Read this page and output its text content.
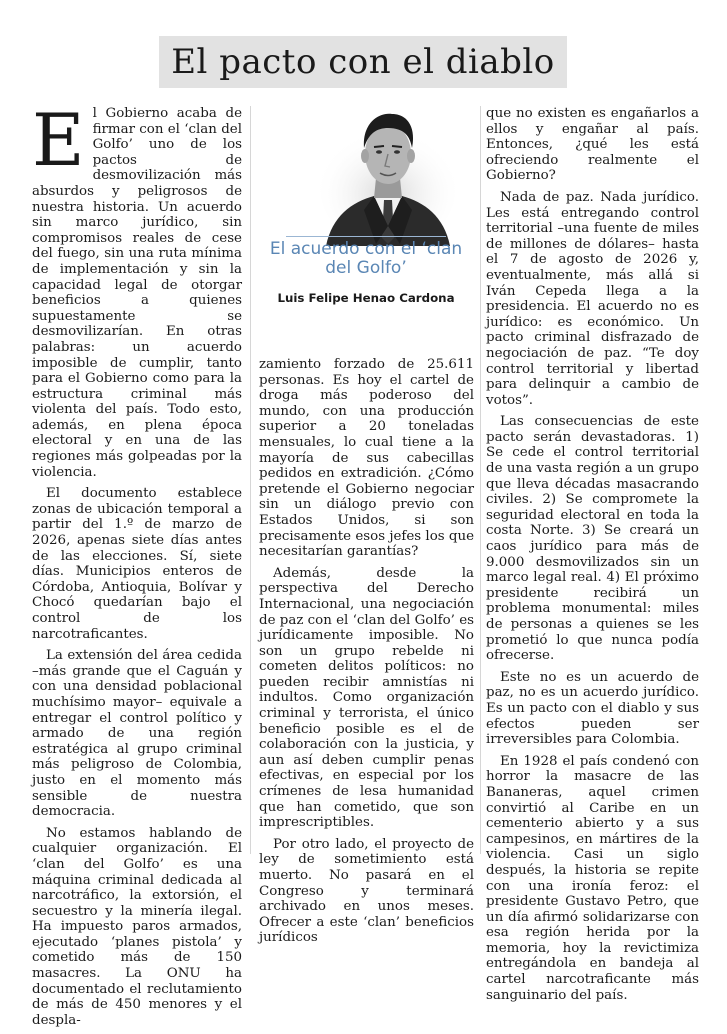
El pacto con el diablo

El Gobierno acaba de firmar con el ‘clan del Golfo’ uno de los pactos de desmovilización más absurdos y peligrosos de nuestra historia. Un acuerdo sin marco jurídico, sin compromisos reales de cese del fuego, sin una ruta mínima de implementación y sin la capacidad legal de otorgar beneficios a quienes supuestamente se desmovilizarían. En otras palabras: un acuerdo imposible de cumplir, tanto para el Gobierno como para la estructura criminal más violenta del país. Todo esto, además, en plena época electoral y en una de las regiones más golpeadas por la violencia.

El documento establece zonas de ubicación temporal a partir del 1.º de marzo de 2026, apenas siete días antes de las elecciones. Sí, siete días. Municipios enteros de Córdoba, Antioquia, Bolívar y Chocó quedarían bajo el control de los narcotraficantes.

La extensión del área cedida –más grande que el Caguán y con una densidad poblacional muchísimo mayor– equivale a entregar el control político y armado de una región estratégica al grupo criminal más peligroso de Colombia, justo en el momento más sensible de nuestra democracia.

No estamos hablando de cualquier organización. El ‘clan del Golfo’ es una máquina criminal dedicada al narcotráfico, la extorsión, el secuestro y la minería ilegal. Ha impuesto paros armados, ejecutado ‘planes pistola’ y cometido más de 150 masacres. La ONU ha documentado el reclutamiento de más de 450 menores y el despla-

El acuerdo con el ‘clan del Golfo’
Luis Felipe Henao Cardona

zamiento forzado de 25.611 personas. Es hoy el cartel de droga más poderoso del mundo, con una producción superior a 20 toneladas mensuales, lo cual tiene a la mayoría de sus cabecillas pedidos en extradición. ¿Cómo pretende el Gobierno negociar sin un diálogo previo con Estados Unidos, si son precisamente esos jefes los que necesitarían garantías?

Además, desde la perspectiva del Derecho Internacional, una negociación de paz con el ‘clan del Golfo’ es jurídicamente imposible. No son un grupo rebelde ni cometen delitos políticos: no pueden recibir amnistías ni indultos. Como organización criminal y terrorista, el único beneficio posible es el de colaboración con la justicia, y aun así deben cumplir penas efectivas, en especial por los crímenes de lesa humanidad que han cometido, que son imprescriptibles.

Por otro lado, el proyecto de ley de sometimiento está muerto. No pasará en el Congreso y terminará archivado en unos meses. Ofrecer a este ‘clan’ beneficios jurídicos

que no existen es engañarlos a ellos y engañar al país. Entonces, ¿qué les está ofreciendo realmente el Gobierno?

Nada de paz. Nada jurídico. Les está entregando control territorial –una fuente de miles de millones de dólares– hasta el 7 de agosto de 2026 y, eventualmente, más allá si Iván Cepeda llega a la presidencia. El acuerdo no es jurídico: es económico. Un pacto criminal disfrazado de negociación de paz. “Te doy control territorial y libertad para delinquir a cambio de votos”.

Las consecuencias de este pacto serán devastadoras. 1) Se cede el control territorial de una vasta región a un grupo que lleva décadas masacrando civiles. 2) Se compromete la seguridad electoral en toda la costa Norte. 3) Se creará un caos jurídico para más de 9.000 desmovilizados sin un marco legal real. 4) El próximo presidente recibirá un problema monumental: miles de personas a quienes se les prometió lo que nunca podía ofrecerse.

Este no es un acuerdo de paz, no es un acuerdo jurídico. Es un pacto con el diablo y sus efectos pueden ser irreversibles para Colombia.

En 1928 el país condenó con horror la masacre de las Bananeras, aquel crimen convirtió al Caribe en un cementerio abierto y a sus campesinos, en mártires de la violencia. Casi un siglo después, la historia se repite con una ironía feroz: el presidente Gustavo Petro, que un día afirmó solidarizarse con esa región herida por la memoria, hoy la revictimiza entregándola en bandeja al cartel narcotraficante más sanguinario del país.
